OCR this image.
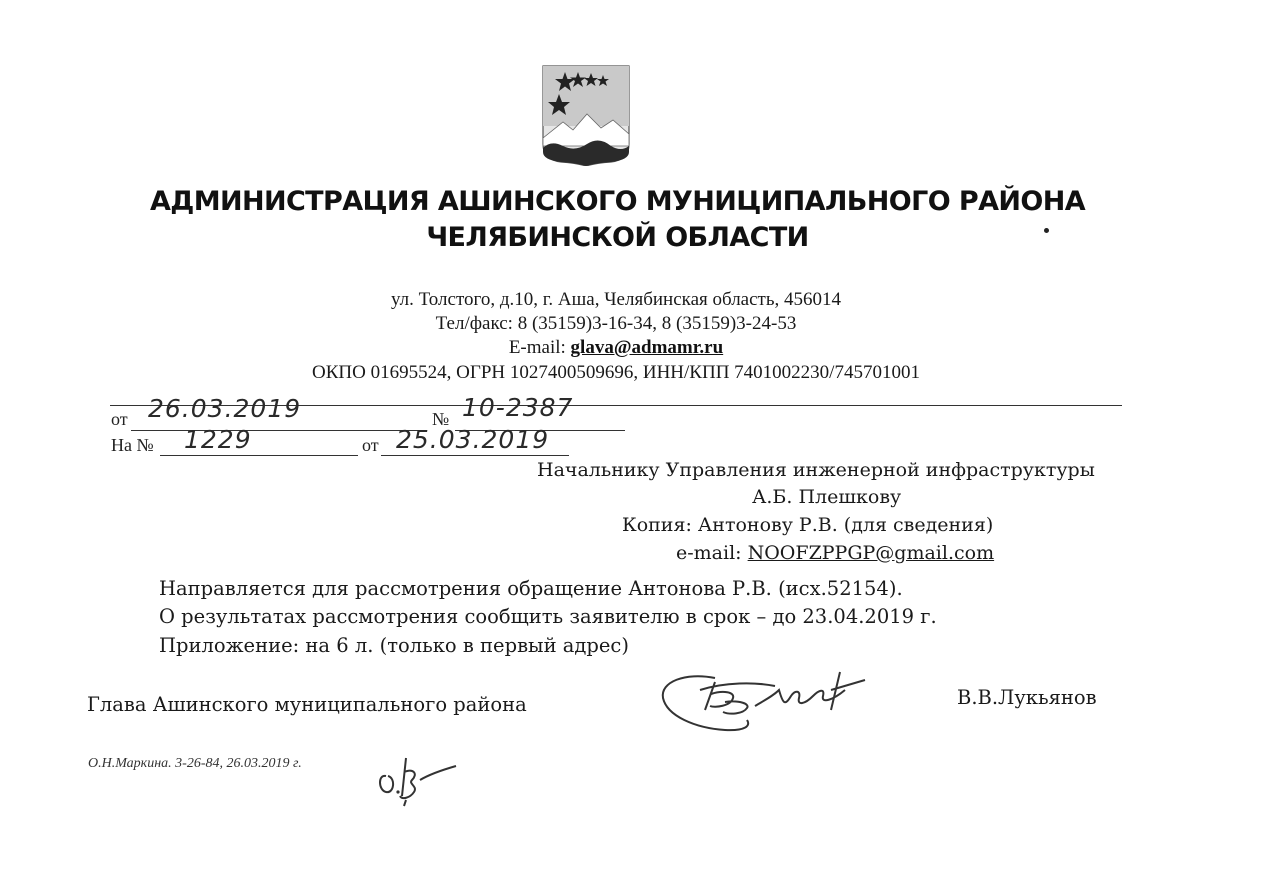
АДМИНИСТРАЦИЯ АШИНСКОГО МУНИЦИПАЛЬНОГО РАЙОНА
ЧЕЛЯБИНСКОЙ ОБЛАСТИ
ул. Толстого, д.10, г. Аша, Челябинская область, 456014
Тел/факс: 8 (35159)3-16-34, 8 (35159)3-24-53
E-mail: glava@admamr.ru
ОКПО 01695524, ОГРН 1027400509696, ИНН/КПП 7401002230/745701001
от 26.03.2019	№ 10-2387
На № 1229	от 25.03.2019
Начальнику Управления инженерной инфраструктуры
А.Б. Плешкову
Копия: Антонову Р.В. (для сведения)
e-mail: NOOFZPPGP@gmail.com
Направляется для рассмотрения обращение Антонова Р.В. (исх.52154).
О результатах рассмотрения сообщить заявителю в срок – до 23.04.2019 г.
Приложение: на 6 л. (только в первый адрес)
Глава Ашинского муниципального района	В.В.Лукьянов
О.Н.Маркина. 3-26-84, 26.03.2019 г.
